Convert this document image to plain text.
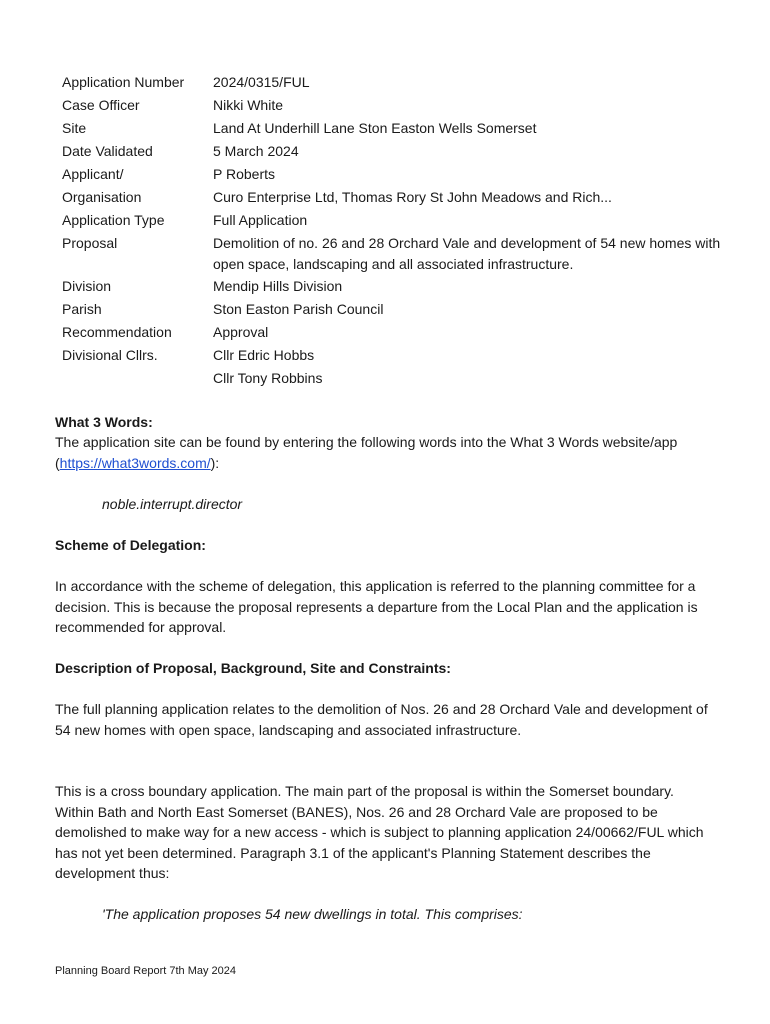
Application Number	2024/0315/FUL
Case Officer	Nikki White
Site	Land At Underhill Lane Ston Easton Wells Somerset
Date Validated	5 March 2024
Applicant/	P Roberts
Organisation	Curo Enterprise Ltd, Thomas Rory St John Meadows and Rich...
Application Type	Full Application
Proposal	Demolition of no. 26 and 28 Orchard Vale and development of 54 new homes with open space, landscaping and all associated infrastructure.
Division	Mendip Hills Division
Parish	Ston Easton Parish Council
Recommendation	Approval
Divisional Cllrs.	Cllr Edric Hobbs
	Cllr Tony Robbins

What 3 Words:

The application site can be found by entering the following words into the What 3 Words website/app (https://what3words.com/):

noble.interrupt.director

Scheme of Delegation:

In accordance with the scheme of delegation, this application is referred to the planning committee for a decision. This is because the proposal represents a departure from the Local Plan and the application is recommended for approval.

Description of Proposal, Background, Site and Constraints:

The full planning application relates to the demolition of Nos. 26 and 28 Orchard Vale and development of 54 new homes with open space, landscaping and associated infrastructure.

This is a cross boundary application. The main part of the proposal is within the Somerset boundary. Within Bath and North East Somerset (BANES), Nos. 26 and 28 Orchard Vale are proposed to be demolished to make way for a new access - which is subject to planning application 24/00662/FUL which has not yet been determined. Paragraph 3.1 of the applicant's Planning Statement describes the development thus:

'The application proposes 54 new dwellings in total. This comprises:

Planning Board Report 7th May 2024
